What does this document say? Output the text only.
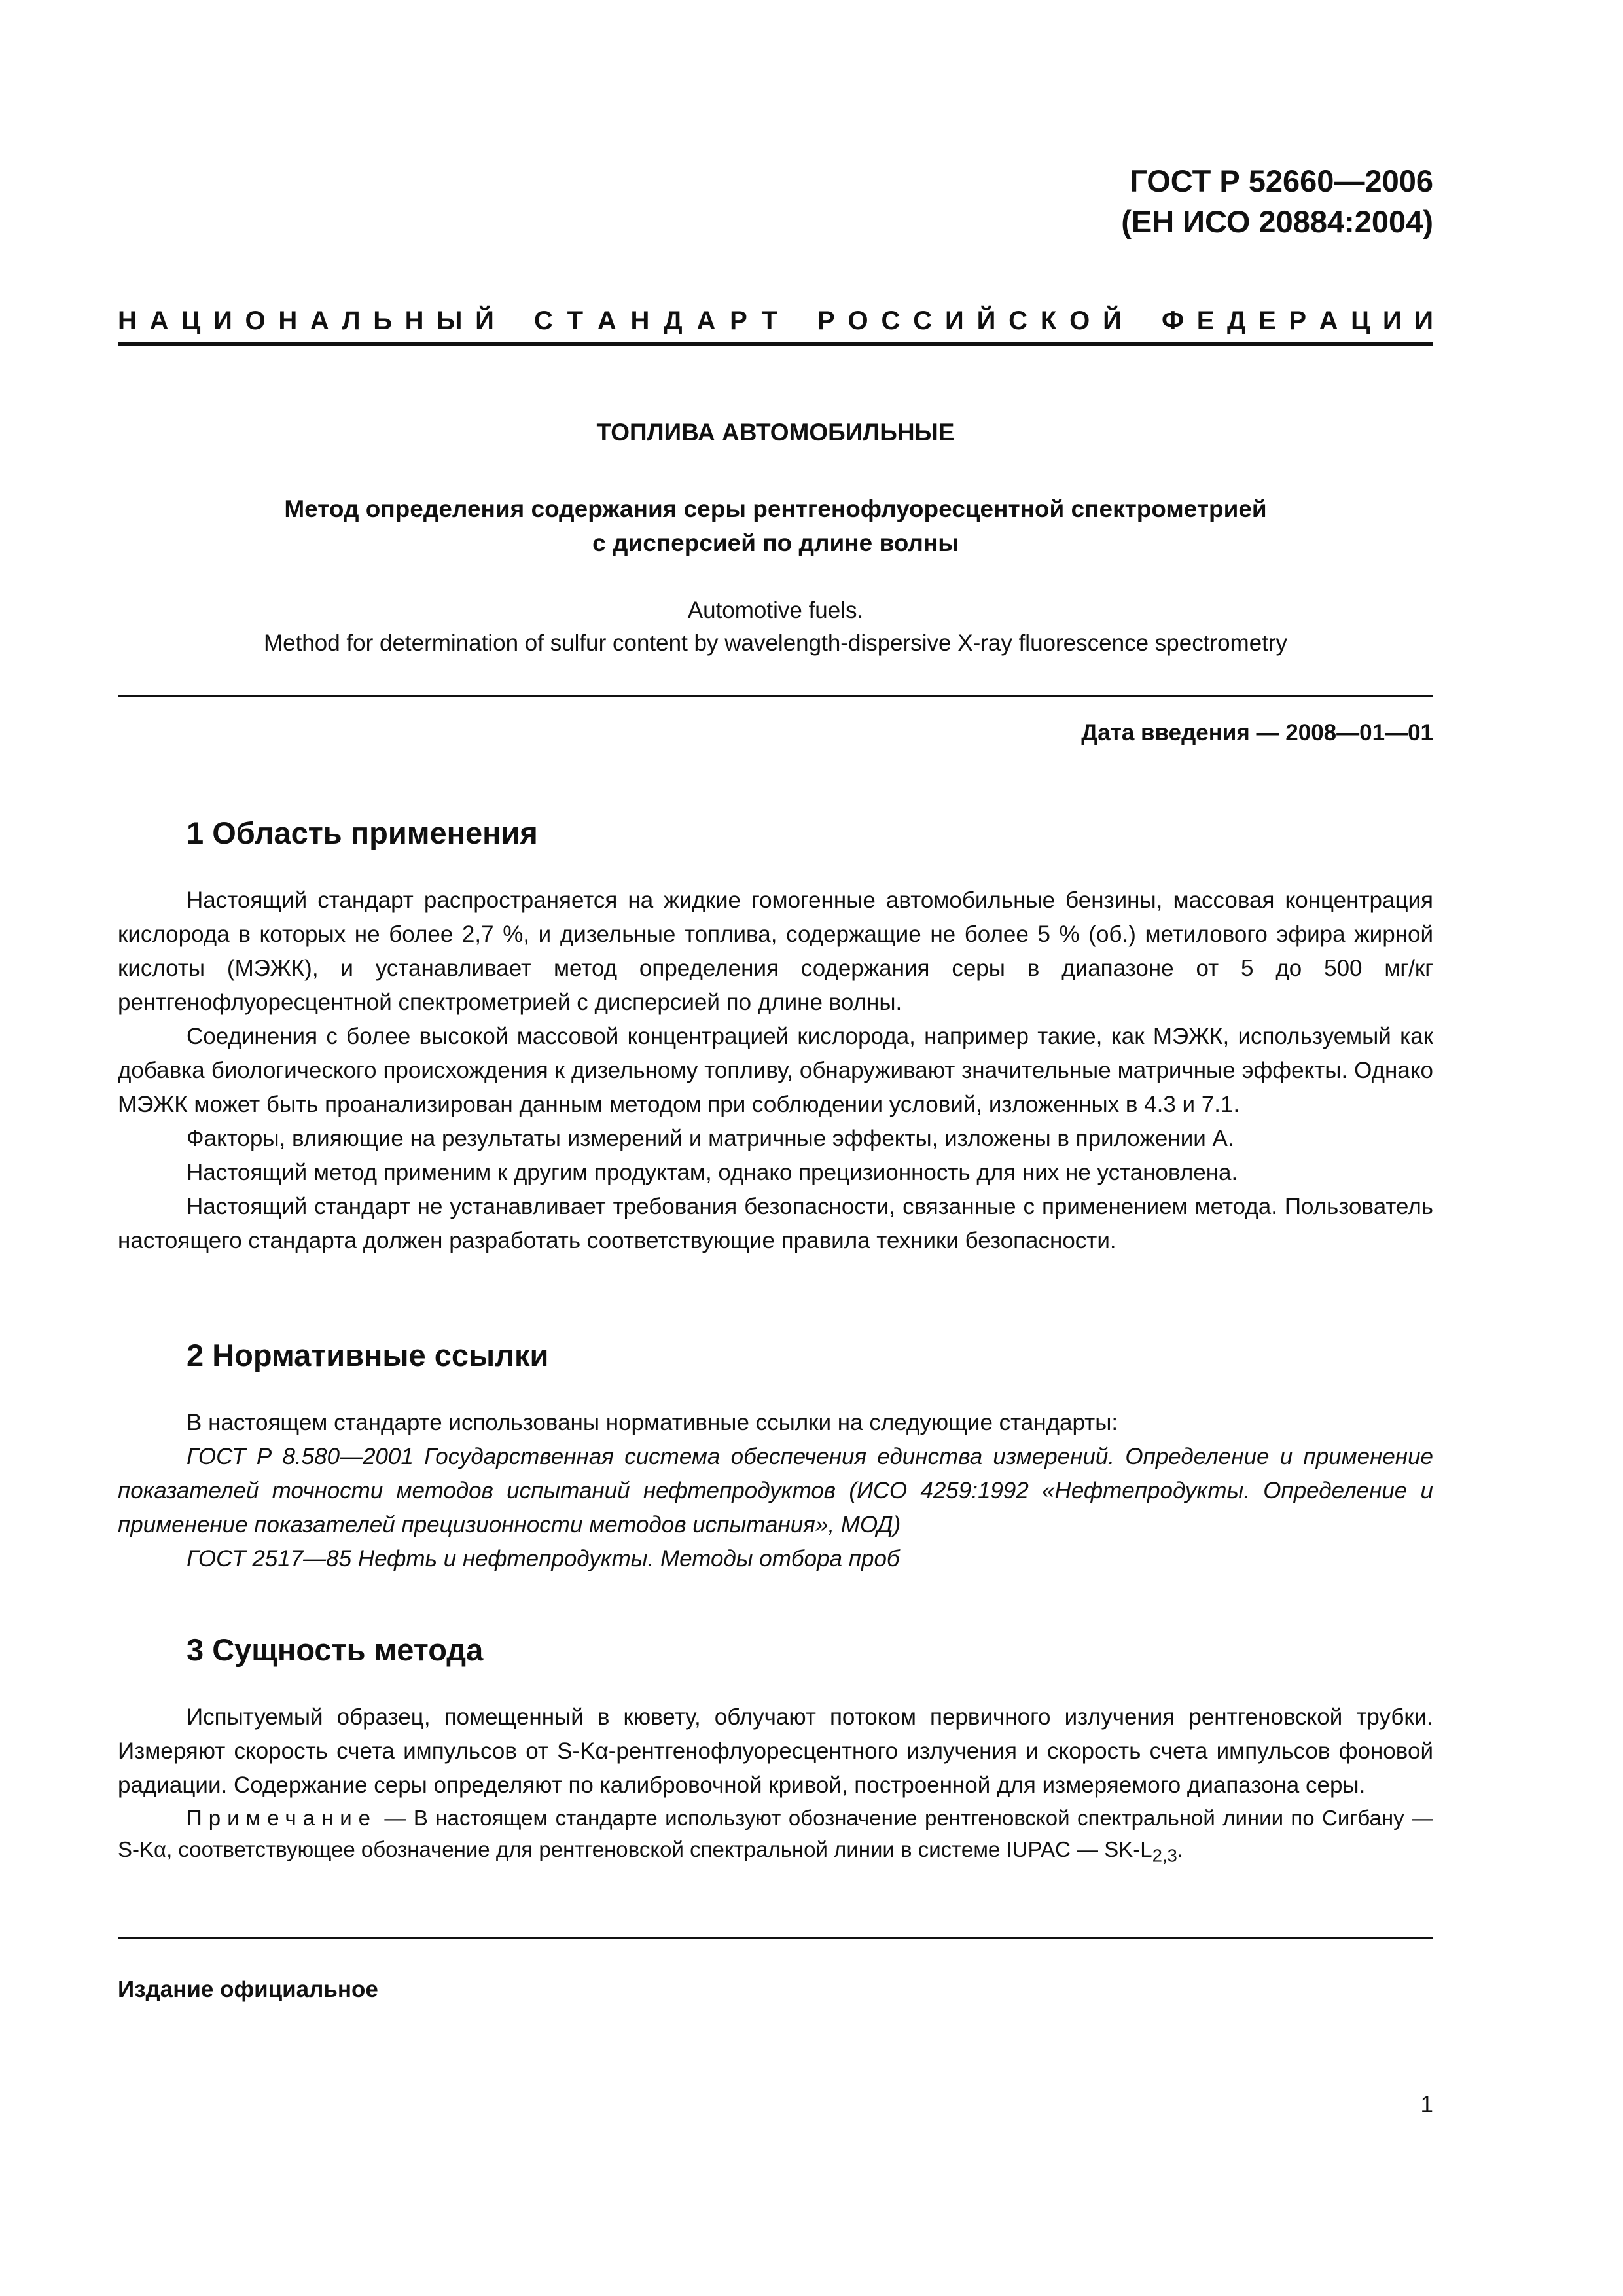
ГОСТ Р 52660—2006
(ЕН ИСО 20884:2004)
Н А Ц И О Н А Л Ь Н Ы Й С Т А Н Д А Р Т Р О С С И Й С К О Й Ф Е Д Е Р А Ц И И
ТОПЛИВА АВТОМОБИЛЬНЫЕ
Метод определения содержания серы рентгенофлуоресцентной спектрометрией
с дисперсией по длине волны
Automotive fuels.
Method for determination of sulfur content by wavelength-dispersive X-ray fluorescence spectrometry
Дата введения — 2008—01—01
1 Область применения

Настоящий стандарт распространяется на жидкие гомогенные автомобильные бензины, массовая концентрация кислорода в которых не более 2,7 %, и дизельные топлива, содержащие не более 5 % (об.) метилового эфира жирной кислоты (МЭЖК), и устанавливает метод определения содержания серы в диапазоне от 5 до 500 мг/кг рентгенофлуоресцентной спектрометрией с дисперсией по длине волны.

Соединения с более высокой массовой концентрацией кислорода, например такие, как МЭЖК, используемый как добавка биологического происхождения к дизельному топливу, обнаруживают значительные матричные эффекты. Однако МЭЖК может быть проанализирован данным методом при соблюдении условий, изложенных в 4.3 и 7.1.

Факторы, влияющие на результаты измерений и матричные эффекты, изложены в приложении А.

Настоящий метод применим к другим продуктам, однако прецизионность для них не установлена.

Настоящий стандарт не устанавливает требования безопасности, связанные с применением метода. Пользователь настоящего стандарта должен разработать соответствующие правила техники безопасности.

2 Нормативные ссылки

В настоящем стандарте использованы нормативные ссылки на следующие стандарты:

ГОСТ Р 8.580—2001 Государственная система обеспечения единства измерений. Определение и применение показателей точности методов испытаний нефтепродуктов (ИСО 4259:1992 «Нефтепродукты. Определение и применение показателей прецизионности методов испытания», МОД)

ГОСТ 2517—85 Нефть и нефтепродукты. Методы отбора проб

3 Сущность метода

Испытуемый образец, помещенный в кювету, облучают потоком первичного излучения рентгеновской трубки. Измеряют скорость счета импульсов от S-Kα-рентгенофлуоресцентного излучения и скорость счета импульсов фоновой радиации. Содержание серы определяют по калибровочной кривой, построенной для измеряемого диапазона серы.

Примечание — В настоящем стандарте используют обозначение рентгеновской спектральной линии по Сигбану — S-Kα, соответствующее обозначение для рентгеновской спектральной линии в системе IUPAC — $SK-L_{2,3}$.

Издание официальное
1
